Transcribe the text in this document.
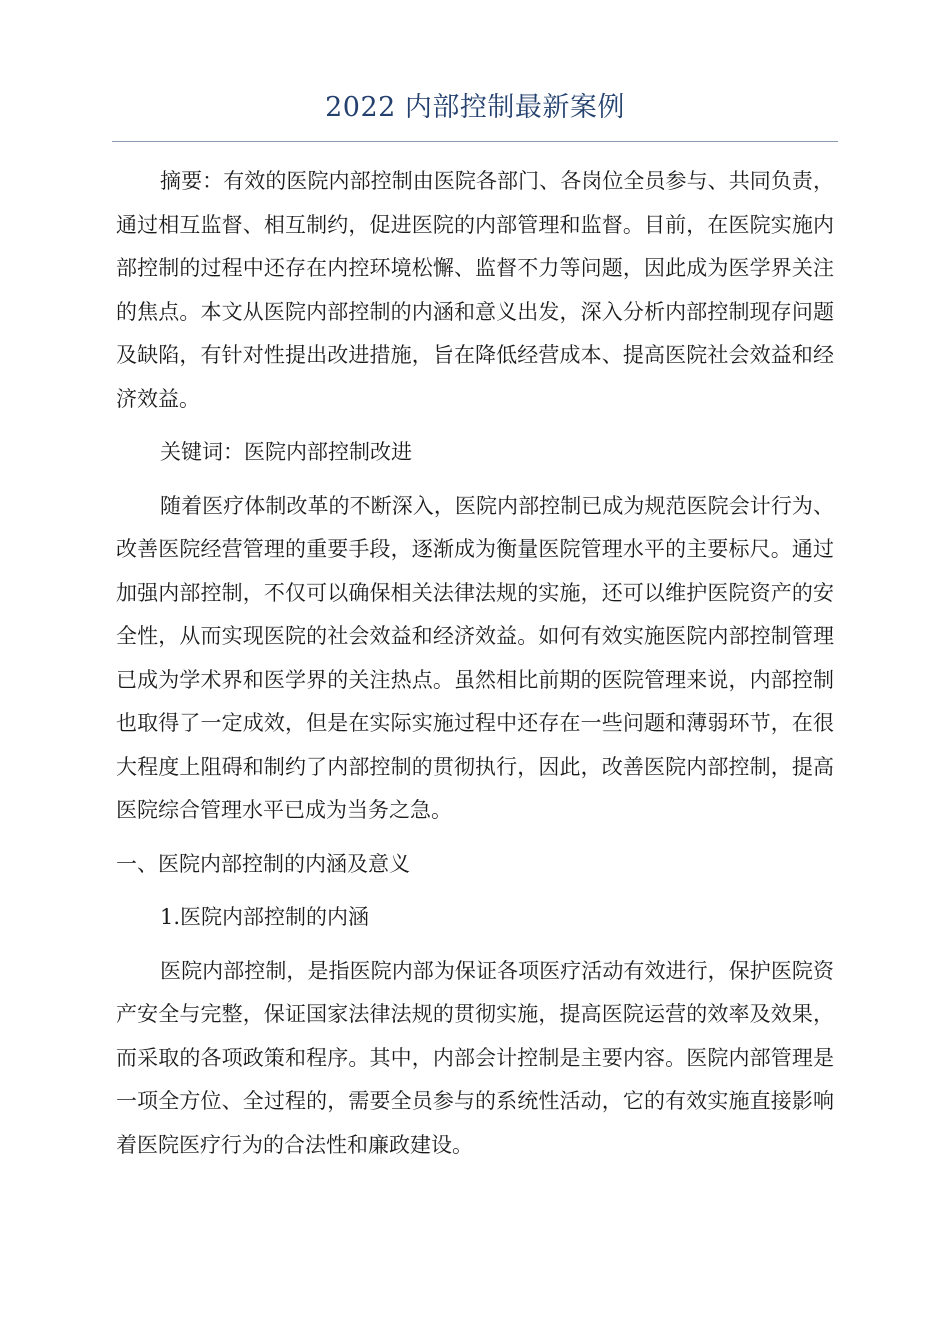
2022 内部控制最新案例

摘要：有效的医院内部控制由医院各部门、各岗位全员参与、共同负责，通过相互监督、相互制约，促进医院的内部管理和监督。目前，在医院实施内部控制的过程中还存在内控环境松懈、监督不力等问题，因此成为医学界关注的焦点。本文从医院内部控制的内涵和意义出发，深入分析内部控制现存问题及缺陷，有针对性提出改进措施，旨在降低经营成本、提高医院社会效益和经济效益。

关键词：医院内部控制改进

随着医疗体制改革的不断深入，医院内部控制已成为规范医院会计行为、改善医院经营管理的重要手段，逐渐成为衡量医院管理水平的主要标尺。通过加强内部控制，不仅可以确保相关法律法规的实施，还可以维护医院资产的安全性，从而实现医院的社会效益和经济效益。如何有效实施医院内部控制管理已成为学术界和医学界的关注热点。虽然相比前期的医院管理来说，内部控制也取得了一定成效，但是在实际实施过程中还存在一些问题和薄弱环节，在很大程度上阻碍和制约了内部控制的贯彻执行，因此，改善医院内部控制，提高医院综合管理水平已成为当务之急。

一、医院内部控制的内涵及意义

1.医院内部控制的内涵

医院内部控制，是指医院内部为保证各项医疗活动有效进行，保护医院资产安全与完整，保证国家法律法规的贯彻实施，提高医院运营的效率及效果，而采取的各项政策和程序。其中，内部会计控制是主要内容。医院内部管理是一项全方位、全过程的，需要全员参与的系统性活动，它的有效实施直接影响着医院医疗行为的合法性和廉政建设。
